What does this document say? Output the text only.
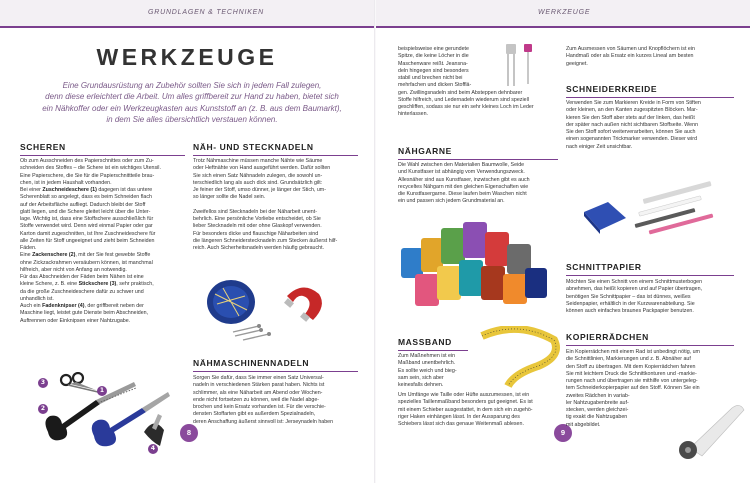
GRUNDLAGEN & TECHNIKEN	WERKZEUGE
WERKZEUGE
Eine Grundausrüstung an Zubehör sollten Sie sich in jedem Fall zulegen,
denn diese erleichtert die Arbeit. Um alles griffbereit zur Hand zu haben, bietet sich
ein Nähkoffer oder ein Werkzeugkasten aus Kunststoff an (z. B. aus dem Baumarkt),
in dem Sie alles übersichtlich verstauen können.
SCHEREN

Ob zum Ausschneiden des Papierschnittes oder zum Zu-

schneiden des Stoffes – die Schere ist ein wichtiges Utensil.

Eine Papierschere, die Sie für die Papierschnittteile brau-

chen, ist in jedem Haushalt vorhanden.

Bei einer Zuschneideschere (1) dagegen ist das untere

Scherenblatt so angelegt, dass es beim Schneiden flach

auf der Arbeitsfläche aufliegt. Dadurch bleibt der Stoff

glatt liegen, und die Schere gleitet leicht über die Unter-

lage. Wichtig ist, dass eine Stoffschere ausschließlich für

Stoffe verwendet wird. Denn wird einmal Papier oder gar

Karton damit zugeschnitten, ist Ihre Zuschneideschere für

alle Zeiten für Stoff ungeeignet und zieht beim Schneiden

Fäden.

Eine Zackenschere (2), mit der Sie fest gewebte Stoffe

ohne Zickzackrahmen versäubern können, ist manchmal

hilfreich, aber nicht von Anfang an notwendig.

Für das Abschneiden der Fäden beim Nähen ist eine

kleine Schere, z. B. eine Stickschere (3), sehr praktisch,

da die große Zuschneideschere dafür zu schwer und

unhandlich ist.

Auch ein Fadenknipser (4), der griffbereit neben der

Maschine liegt, leistet gute Dienste beim Abschneiden,

Auftrennen oder Einknipsen einer Nahtzugabe.

3
2
1
4
NÄH- UND STECKNADELN

Trotz Nähmaschine müssen manche Nähte wie Säume

oder Heftnähte von Hand ausgeführt werden. Dafür sollten

Sie sich einen Satz Nähnadeln zulegen, die sowohl un-

terschiedlich lang als auch dick sind. Grundsätzlich gilt:

Je feiner der Stoff, umso dünner, je länger der Stich, um-

so länger sollte die Nadel sein.

Zweifellos sind Stecknadeln bei der Näharbeit unent-

behrlich. Eine persönliche Vorliebe entscheidet, ob Sie

lieber Stecknadeln mit oder ohne Glaskopf verwenden.

Für besonders dicke und flauschige Näharbeiten sind

die längeren Schneiderstecknadeln zum Stecken äußerst hilf-

reich. Auch Sicherheitsnadeln werden häufig gebraucht.

NÄHMASCHINENNADELN

Sorgen Sie dafür, dass Sie immer einen Satz Universal-

nadeln in verschiedenen Stärken parat haben. Nichts ist

schlimmer, als eine Näharbeit am Abend oder Wochen-

ende nicht fortsetzen zu können, weil die Nadel abge-

brochen und kein Ersatz vorhanden ist. Für die verschie-

densten Stoffarten gibt es außerdem Spezialnadeln,

deren Anschaffung äußerst sinnvoll ist: Jerseynadeln haben

8

beispielsweise eine gerundete

Spitze, die keine Löcher in die

Maschenware reißt. Jeansna-

deln hingegen sind besonders

stabil und brechen nicht bei

mehrfachen und dicken Stofflä-

gen. Zwillingsnadeln sind beim Absteppen dehnbarer

Stoffe hilfreich, und Ledernadeln wiederum sind speziell

geschliffen, sodass sie nur ein sehr kleines Loch im Leder

hinterlassen.

NÄHGARNE

Die Wahl zwischen den Materialien Baumwolle, Seide

und Kunstfaser ist abhängig vom Verwendungszweck.

Allesnäher sind aus Kunstfaser, inzwischen gibt es auch

recyceltes Nähgarn mit den gleichen Eigenschaften wie

die Kunstfasergarne. Diese laufen beim Waschen nicht

ein und passen sich jedem Grundmaterial an.

MASSBAND

Zum Maßnehmen ist ein

Maßband unentbehrlich.

Es sollte weich und bieg-

sam sein, sich aber

keinesfalls dehnen.

Um Umfänge wie Taille oder Hüfte auszumessen, ist ein

spezielles Taillenmaßband besonders gut geeignet. Es ist

mit einem Schieber ausgestattet, in dem sich ein zugehö-

riger Haken einhängen lässt. In der Aussparung des

Schiebers lässt sich das genaue Weitenmaß ablesen.

9

Zum Ausmessen von Säumen und Knopflöchern ist ein

Handmaß oder als Ersatz ein kurzes Lineal am besten

geeignet.

SCHNEIDERKREIDE

Verwenden Sie zum Markieren Kreide in Form von Stiften

oder kleinen, an den Kanten zugespitzten Blöcken. Mar-

kieren Sie den Stoff aber stets auf der linken, das heißt

der später nach außen nicht sichtbaren Stoffseite. Wenn

Sie den Stoff sofort weiterverarbeiten, können Sie auch

einen sogenannten Trickmarker verwenden. Dieser wird

nach einiger Zeit unsichtbar.

SCHNITTPAPIER

Möchten Sie einen Schnitt von einem Schnittmusterbogen

abnehmen, das heißt kopieren und auf Papier übertragen,

benötigen Sie Schnittpapier – das ist dünnes, weißes

Seidenpapier, erhältlich in der Kurzwarenabteilung. Sie

können auch einfaches braunes Packpapier benutzen.

KOPIERRÄDCHEN

Ein Kopierrädchen mit einem Rad ist unbedingt nötig, um

die Schnittlinien, Markierungen und z. B. Abnäher auf

den Stoff zu übertragen. Mit dem Kopierrädchen fahren

Sie mit leichtem Druck die Schnittkonturen und -markie-

rungen nach und übertragen sie mithilfe von untergeleg-

tem Schneiderkopierpapier auf den Stoff. Können Sie ein

zweites Rädchen in variab-

ler Nahtzugabenbreite auf-

stecken, werden gleichzei-

tig exakt die Nahtzugaben

mit abgebildet.
